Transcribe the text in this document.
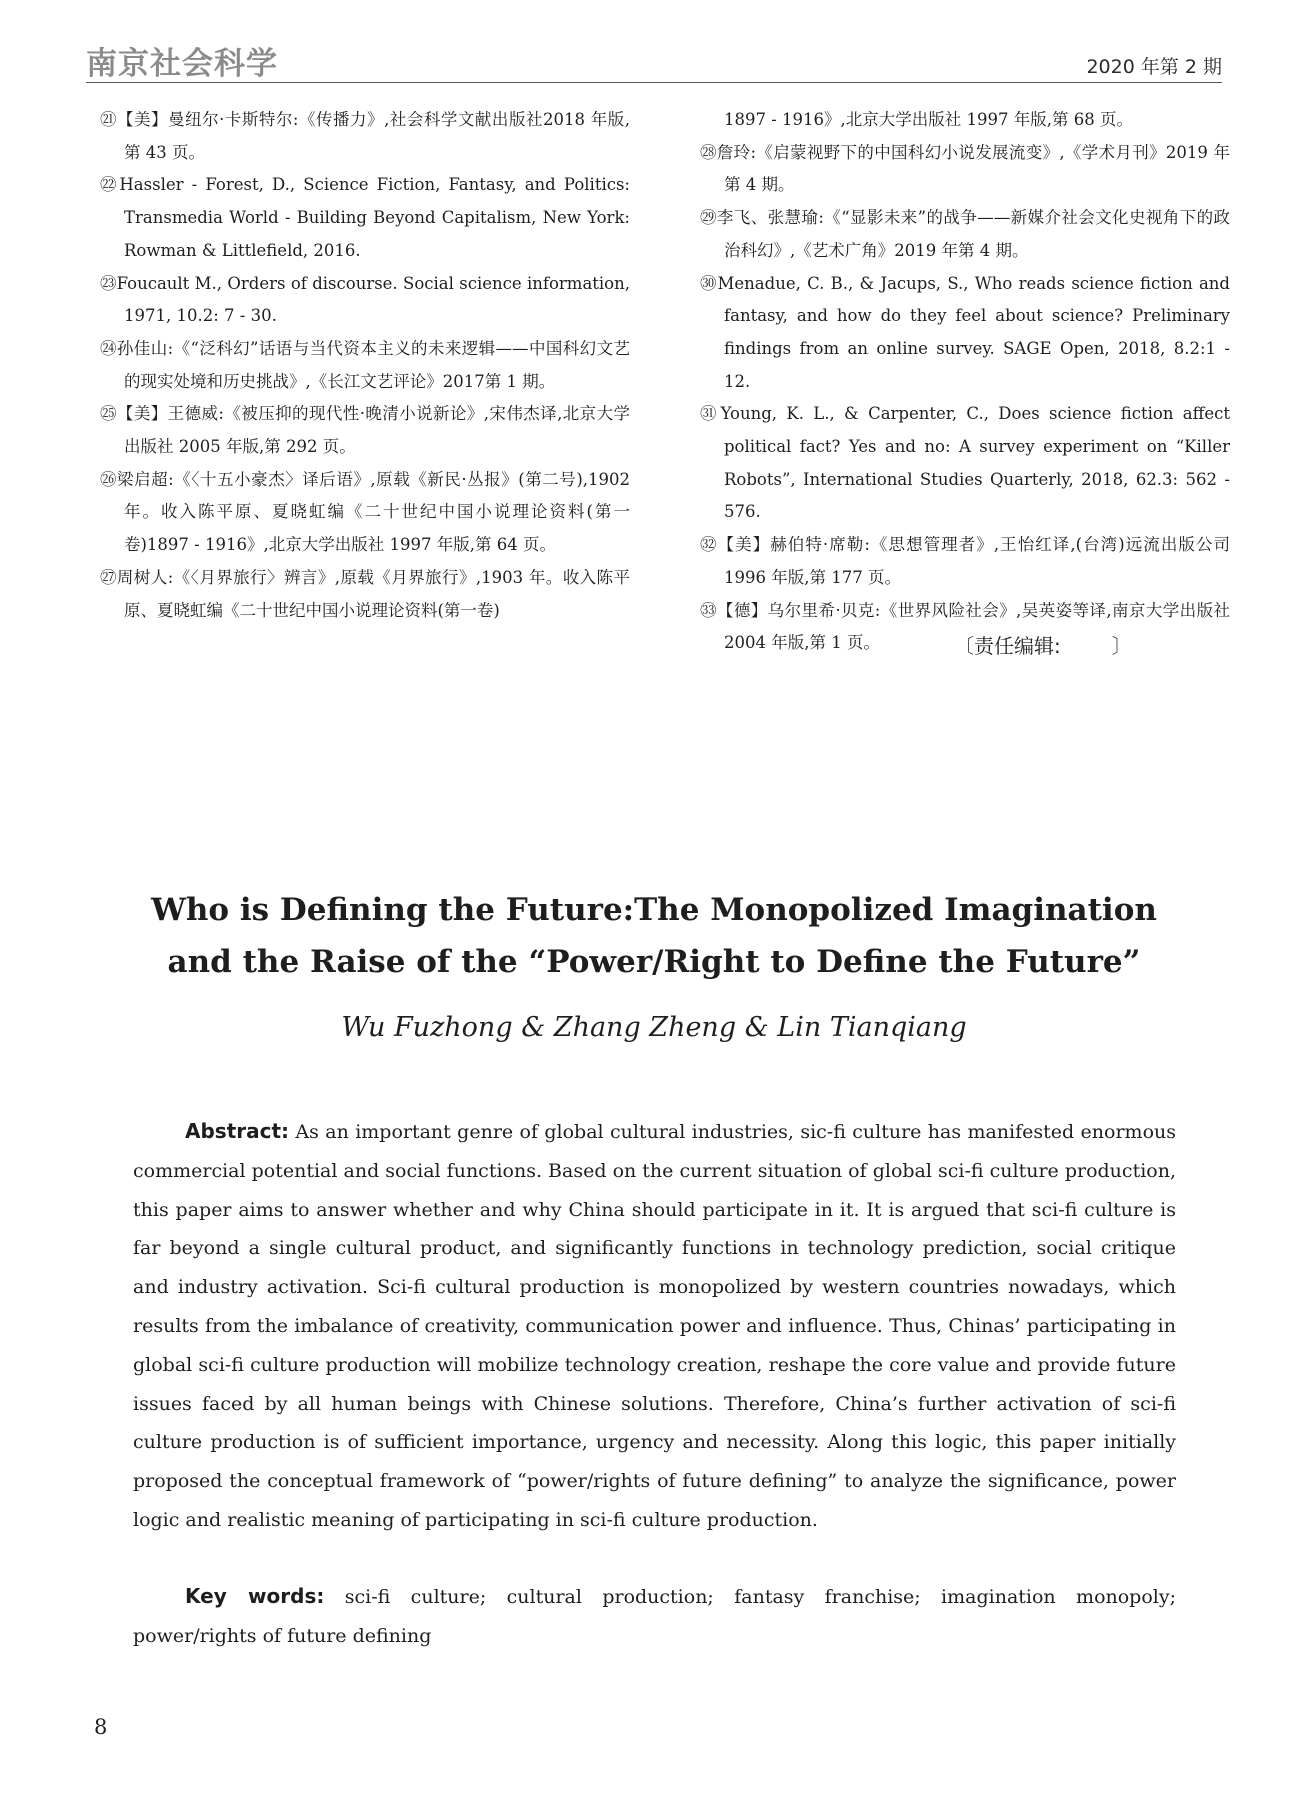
南京社会科学	2020 年第 2 期
㉑【美】曼纽尔·卡斯特尔:《传播力》,社会科学文献出版社2018 年版,第 43 页。
㉒Hassler - Forest, D., Science Fiction, Fantasy, and Politics: Transmedia World - Building Beyond Capitalism, New York: Rowman & Littlefield, 2016.
㉓Foucault M., Orders of discourse. Social science information, 1971, 10.2: 7 - 30.
㉔孙佳山:《“泛科幻”话语与当代资本主义的未来逻辑——中国科幻文艺的现实处境和历史挑战》,《长江文艺评论》2017第 1 期。
㉕【美】王德威:《被压抑的现代性·晚清小说新论》,宋伟杰译,北京大学出版社 2005 年版,第 292 页。
㉖梁启超:《〈十五小豪杰〉译后语》,原载《新民·丛报》(第二号),1902 年。收入陈平原、夏晓虹编《二十世纪中国小说理论资料(第一卷)1897 - 1916》,北京大学出版社 1997 年版,第 64 页。
㉗周树人:《〈月界旅行〉辨言》,原载《月界旅行》,1903 年。收入陈平原、夏晓虹编《二十世纪中国小说理论资料(第一卷)
1897 - 1916》,北京大学出版社 1997 年版,第 68 页。
㉘詹玲:《启蒙视野下的中国科幻小说发展流变》,《学术月刊》2019 年第 4 期。
㉙李飞、张慧瑜:《“显影未来”的战争——新媒介社会文化史视角下的政治科幻》,《艺术广角》2019 年第 4 期。
㉚Menadue, C. B., & Jacups, S., Who reads science fiction and fantasy, and how do they feel about science? Preliminary findings from an online survey. SAGE Open, 2018, 8.2:1 - 12.
㉛Young, K. L., & Carpenter, C., Does science fiction affect political fact? Yes and no: A survey experiment on “Killer Robots”, International Studies Quarterly, 2018, 62.3: 562 - 576.
㉜【美】赫伯特·席勒:《思想管理者》,王怡红译,(台湾)远流出版公司 1996 年版,第 177 页。
㉝【德】乌尔里希·贝克:《世界风险社会》,吴英姿等译,南京大学出版社 2004 年版,第 1 页。	〔责任编辑:        〕
Who is Defining the Future:The Monopolized Imagination
and the Raise of the “Power/Right to Define the Future”
Wu Fuzhong & Zhang Zheng & Lin Tianqiang
Abstract: As an important genre of global cultural industries, sic-fi culture has manifested enormous commercial potential and social functions. Based on the current situation of global sci-fi culture production, this paper aims to answer whether and why China should participate in it. It is argued that sci-fi culture is far beyond a single cultural product, and significantly functions in technology prediction, social critique and industry activation. Sci-fi cultural production is monopolized by western countries nowadays, which results from the imbalance of creativity, communication power and influence. Thus, Chinas’ participating in global sci-fi culture production will mobilize technology creation, reshape the core value and provide future issues faced by all human beings with Chinese solutions. Therefore, China’s further activation of sci-fi culture production is of sufficient importance, urgency and necessity. Along this logic, this paper initially proposed the conceptual framework of “power/rights of future defining” to analyze the significance, power logic and realistic meaning of participating in sci-fi culture production.
Key words: sci-fi culture; cultural production; fantasy franchise; imagination monopoly; power/rights of future defining
8
